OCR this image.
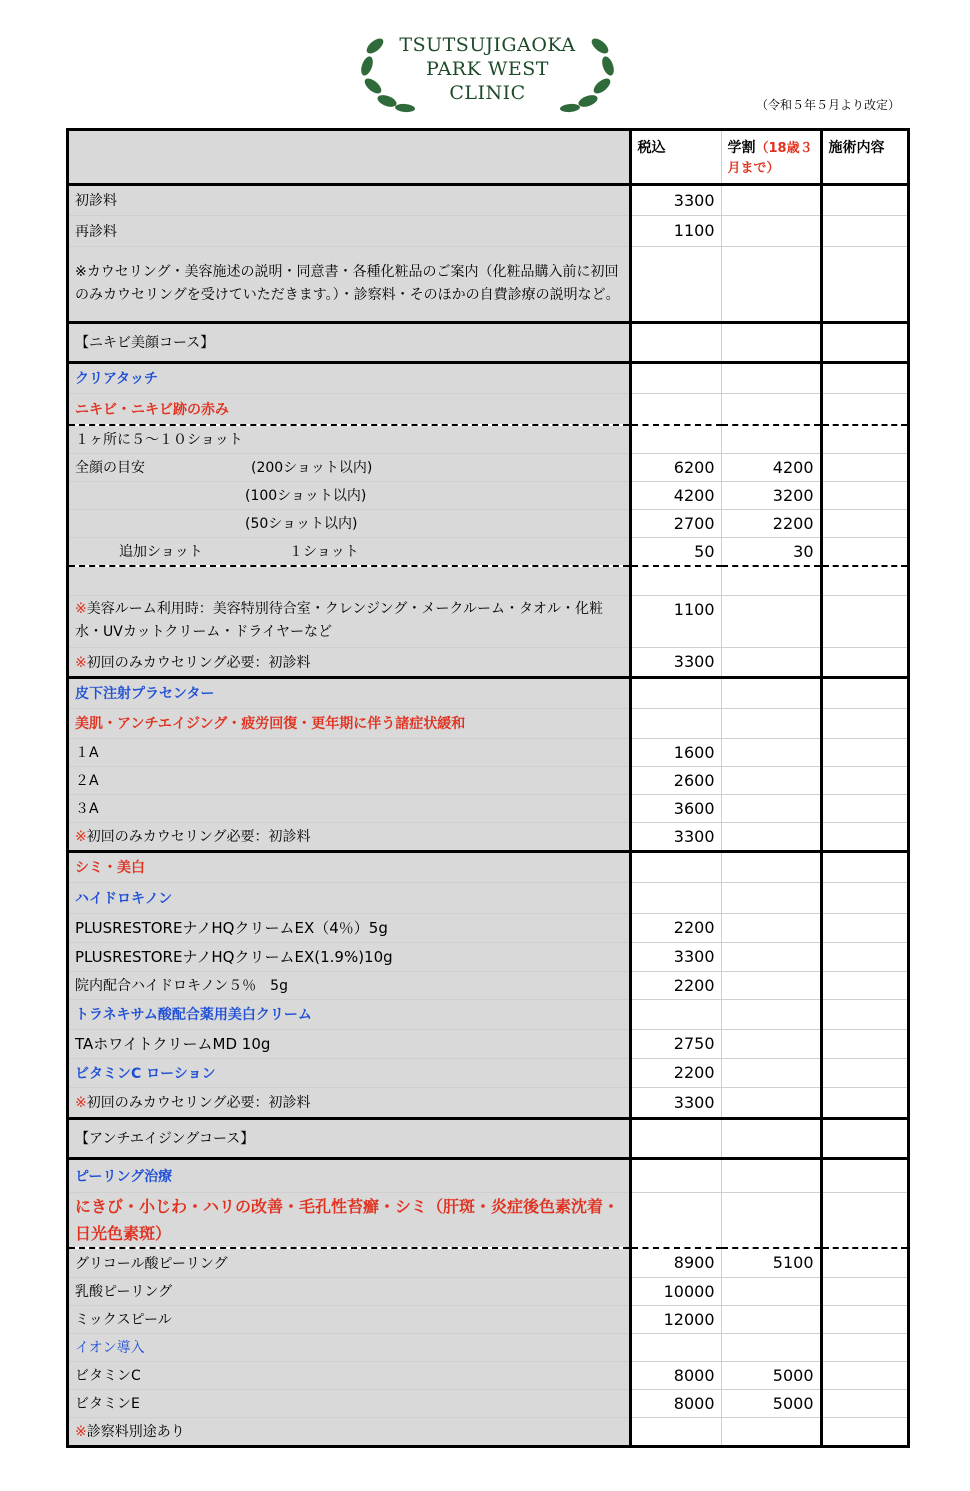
TSUTSUJIGAOKA
PARK WEST
CLINIC
（令和５年５月より改定）
	税込	学割（18歳３月まで）	施術内容
初診料	3300		
再診料	1100		
※カウセリング・美容施述の説明・同意書・各種化粧品のご案内（化粧品購入前に初回のみカウセリングを受けていただきます。）・診察料・そのほかの自費診療の説明など。			
【ニキビ美顔コース】			
クリアタッチ			
ニキビ・ニキビ跡の赤み			
１ヶ所に５〜１０ショット			
全顔の目安 (200ショット以内)	6200	4200	
(100ショット以内)	4200	3200	
(50ショット以内)	2700	2200	
追加ショット １ショット	50	30	

※美容ルーム利用時：美容特別待合室・クレンジング・メークルーム・タオル・化粧水・UVカットクリーム・ドライヤーなど	1100		
※初回のみカウセリング必要：初診料	3300		
皮下注射プラセンター			
美肌・アンチエイジング・疲労回復・更年期に伴う諸症状緩和			
１A	1600		
２A	2600		
３A	3600		
※初回のみカウセリング必要：初診料	3300		
シミ・美白			
ハイドロキノン			
PLUSRESTOREナノHQクリームEX（4％）5g	2200		
PLUSRESTOREナノHQクリームEX(1.9%)10g	3300		
院内配合ハイドロキノン５％　5g	2200		
トラネキサム酸配合薬用美白クリーム			
TAホワイトクリームMD 10g	2750		
ビタミンC ローション	2200		
※初回のみカウセリング必要：初診料	3300		
【アンチエイジングコース】			
ピーリング治療			
にきび・小じわ・ハリの改善・毛孔性苔癬・シミ（肝斑・炎症後色素沈着・日光色素斑）			
グリコール酸ピーリング	8900	5100	
乳酸ピーリング	10000		
ミックスピール	12000		
イオン導入			
ビタミンC	8000	5000	
ビタミンE	8000	5000	
※診察料別途あり			
